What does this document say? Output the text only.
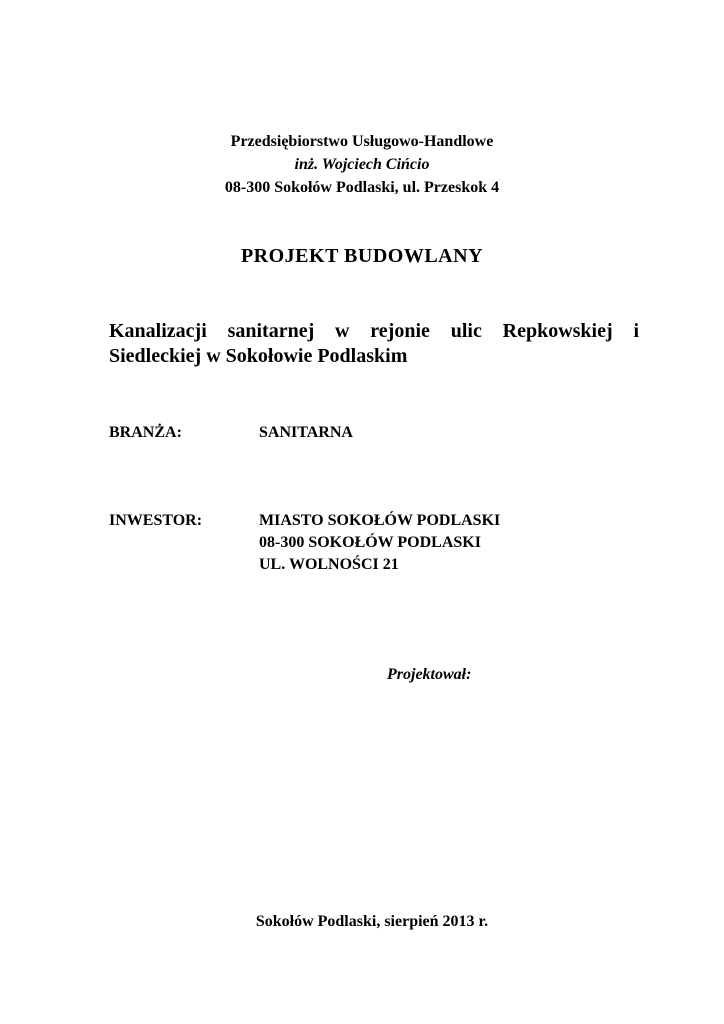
Przedsiębiorstwo Usługowo-Handlowe
inż. Wojciech Cińcio
08-300 Sokołów Podlaski, ul. Przeskok 4
PROJEKT BUDOWLANY
Kanalizacji sanitarnej w rejonie ulic Repkowskiej i Siedleckiej w Sokołowie Podlaskim
BRANŻA:	SANITARNA
INWESTOR:	MIASTO SOKOŁÓW PODLASKI
08-300 SOKOŁÓW PODLASKI
UL. WOLNOŚCI 21
Projektował:
Sokołów Podlaski, sierpień 2013 r.
